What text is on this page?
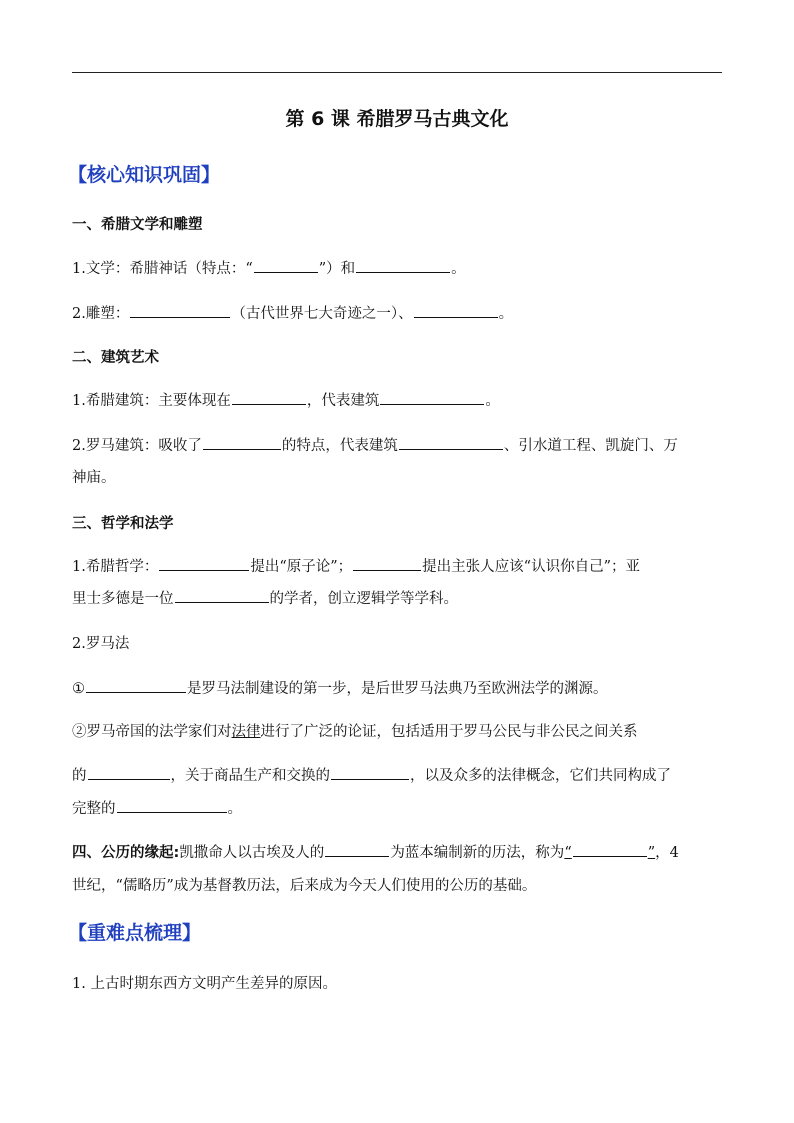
第 6 课 希腊罗马古典文化
【核心知识巩固】
一、希腊文学和雕塑
1.文学：希腊神话（特点：“	”）和	。
2.雕塑：	（古代世界七大奇迹之一）、	。
二、建筑艺术
1.希腊建筑：主要体现在	，代表建筑	。
2.罗马建筑：吸收了	的特点，代表建筑	、引水道工程、凯旋门、万
神庙。
三、哲学和法学
1.希腊哲学：	提出“原子论”；	提出主张人应该“认识你自己”；亚
里士多德是一位	的学者，创立逻辑学等学科。
2.罗马法
①	是罗马法制建设的第一步，是后世罗马法典乃至欧洲法学的渊源。
②罗马帝国的法学家们对法律进行了广泛的论证，包括适用于罗马公民与非公民之间关系
的	，关于商品生产和交换的	，以及众多的法律概念，它们共同构成了
完整的	。
四、公历的缘起:凯撒命人以古埃及人的	为蓝本编制新的历法，称为“	”，4
世纪，“儒略历”成为基督教历法，后来成为今天人们使用的公历的基础。
【重难点梳理】
1. 上古时期东西方文明产生差异的原因。
